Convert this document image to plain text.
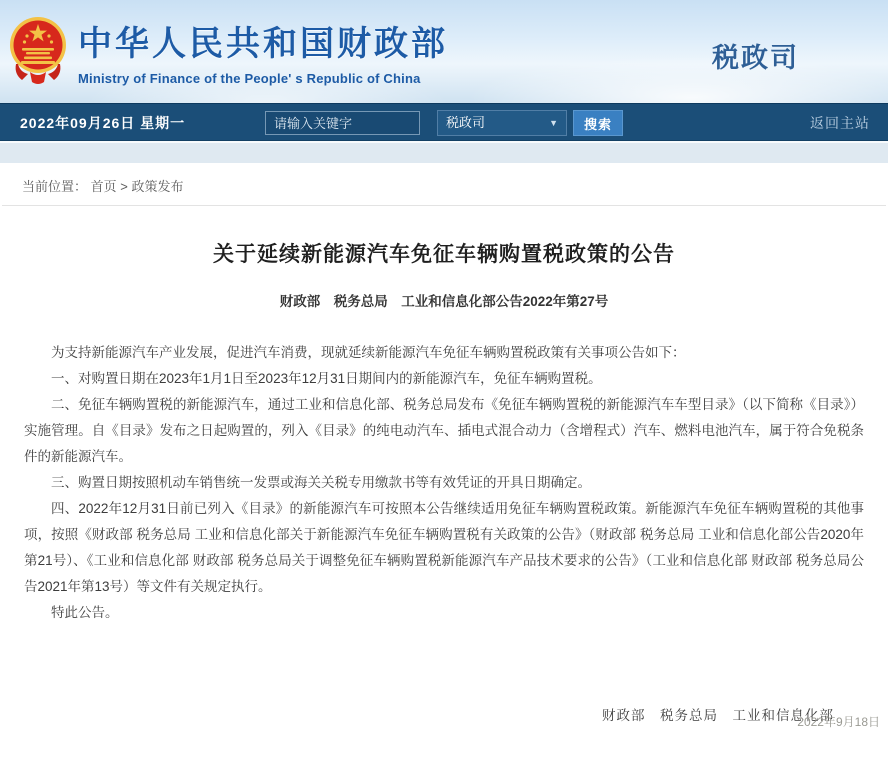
中华人民共和国财政部
Ministry of Finance of the People' s Republic of China
税政司
2022年09月26日 星期一
请输入关键字	税政司	▼	搜索	返回主站
当前位置： 首页 > 政策发布
关于延续新能源汽车免征车辆购置税政策的公告
财政部　税务总局　工业和信息化部公告2022年第27号

为支持新能源汽车产业发展，促进汽车消费，现就延续新能源汽车免征车辆购置税政策有关事项公告如下：

一、对购置日期在2023年1月1日至2023年12月31日期间内的新能源汽车，免征车辆购置税。

二、免征车辆购置税的新能源汽车，通过工业和信息化部、税务总局发布《免征车辆购置税的新能源汽车车型目录》（以下简称《目录》）实施管理。自《目录》发布之日起购置的，列入《目录》的纯电动汽车、插电式混合动力（含增程式）汽车、燃料电池汽车，属于符合免税条件的新能源汽车。

三、购置日期按照机动车销售统一发票或海关关税专用缴款书等有效凭证的开具日期确定。

四、2022年12月31日前已列入《目录》的新能源汽车可按照本公告继续适用免征车辆购置税政策。新能源汽车免征车辆购置税的其他事项，按照《财政部 税务总局 工业和信息化部关于新能源汽车免征车辆购置税有关政策的公告》（财政部 税务总局 工业和信息化部公告2020年第21号）、《工业和信息化部 财政部 税务总局关于调整免征车辆购置税新能源汽车产品技术要求的公告》（工业和信息化部 财政部 税务总局公告2021年第13号）等文件有关规定执行。

特此公告。

财政部　税务总局　工业和信息化部
2022年9月18日
